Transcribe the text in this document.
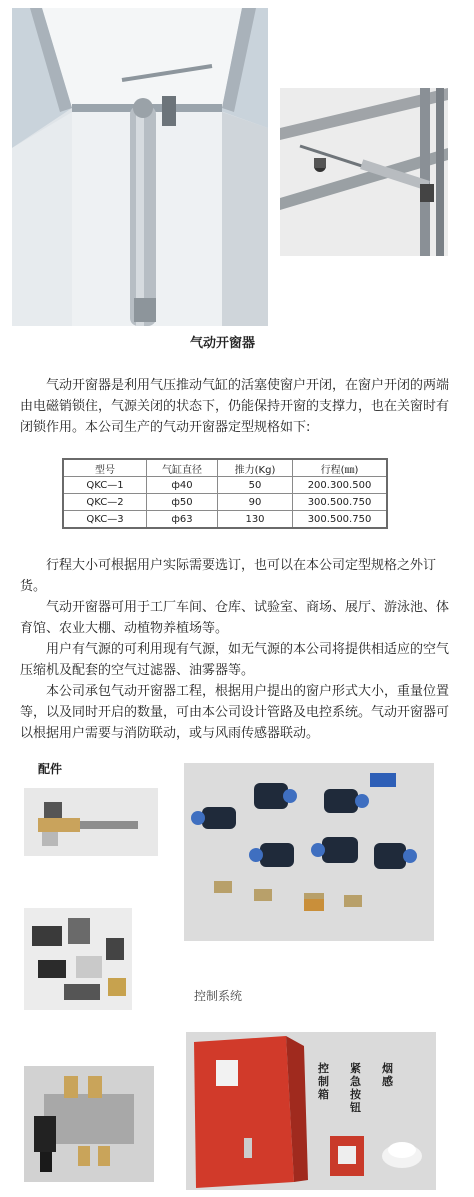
气动开窗器
　　气动开窗器是利用气压推动气缸的活塞使窗户开闭，在窗户开闭的两端由电磁销锁住，气源关闭的状态下，仍能保持开窗的支撑力，也在关窗时有闭锁作用。本公司生产的气动开窗器定型规格如下:
型号	气缸直径	推力(Kg)	行程(㎜)
QKC—1	ф40	50	200.300.500
QKC—2	ф50	90	300.500.750
QKC—3	ф63	130	300.500.750
　　行程大小可根据用户实际需要选订，也可以在本公司定型规格之外订货。
　　气动开窗器可用于工厂车间、仓库、试验室、商场、展厅、游泳池、体育馆、农业大棚、动植物养植场等。
　　用户有气源的可利用现有气源，如无气源的本公司将提供相适应的空气压缩机及配套的空气过滤器、油雾器等。
　　本公司承包气动开窗器工程，根据用户提出的窗户形式大小，重量位置等，以及同时开启的数量，可由本公司设计管路及电控系统。气动开窗器可以根据用户需要与消防联动，或与风雨传感器联动。
配件
控制系统
控制箱
紧急按钮
烟感
